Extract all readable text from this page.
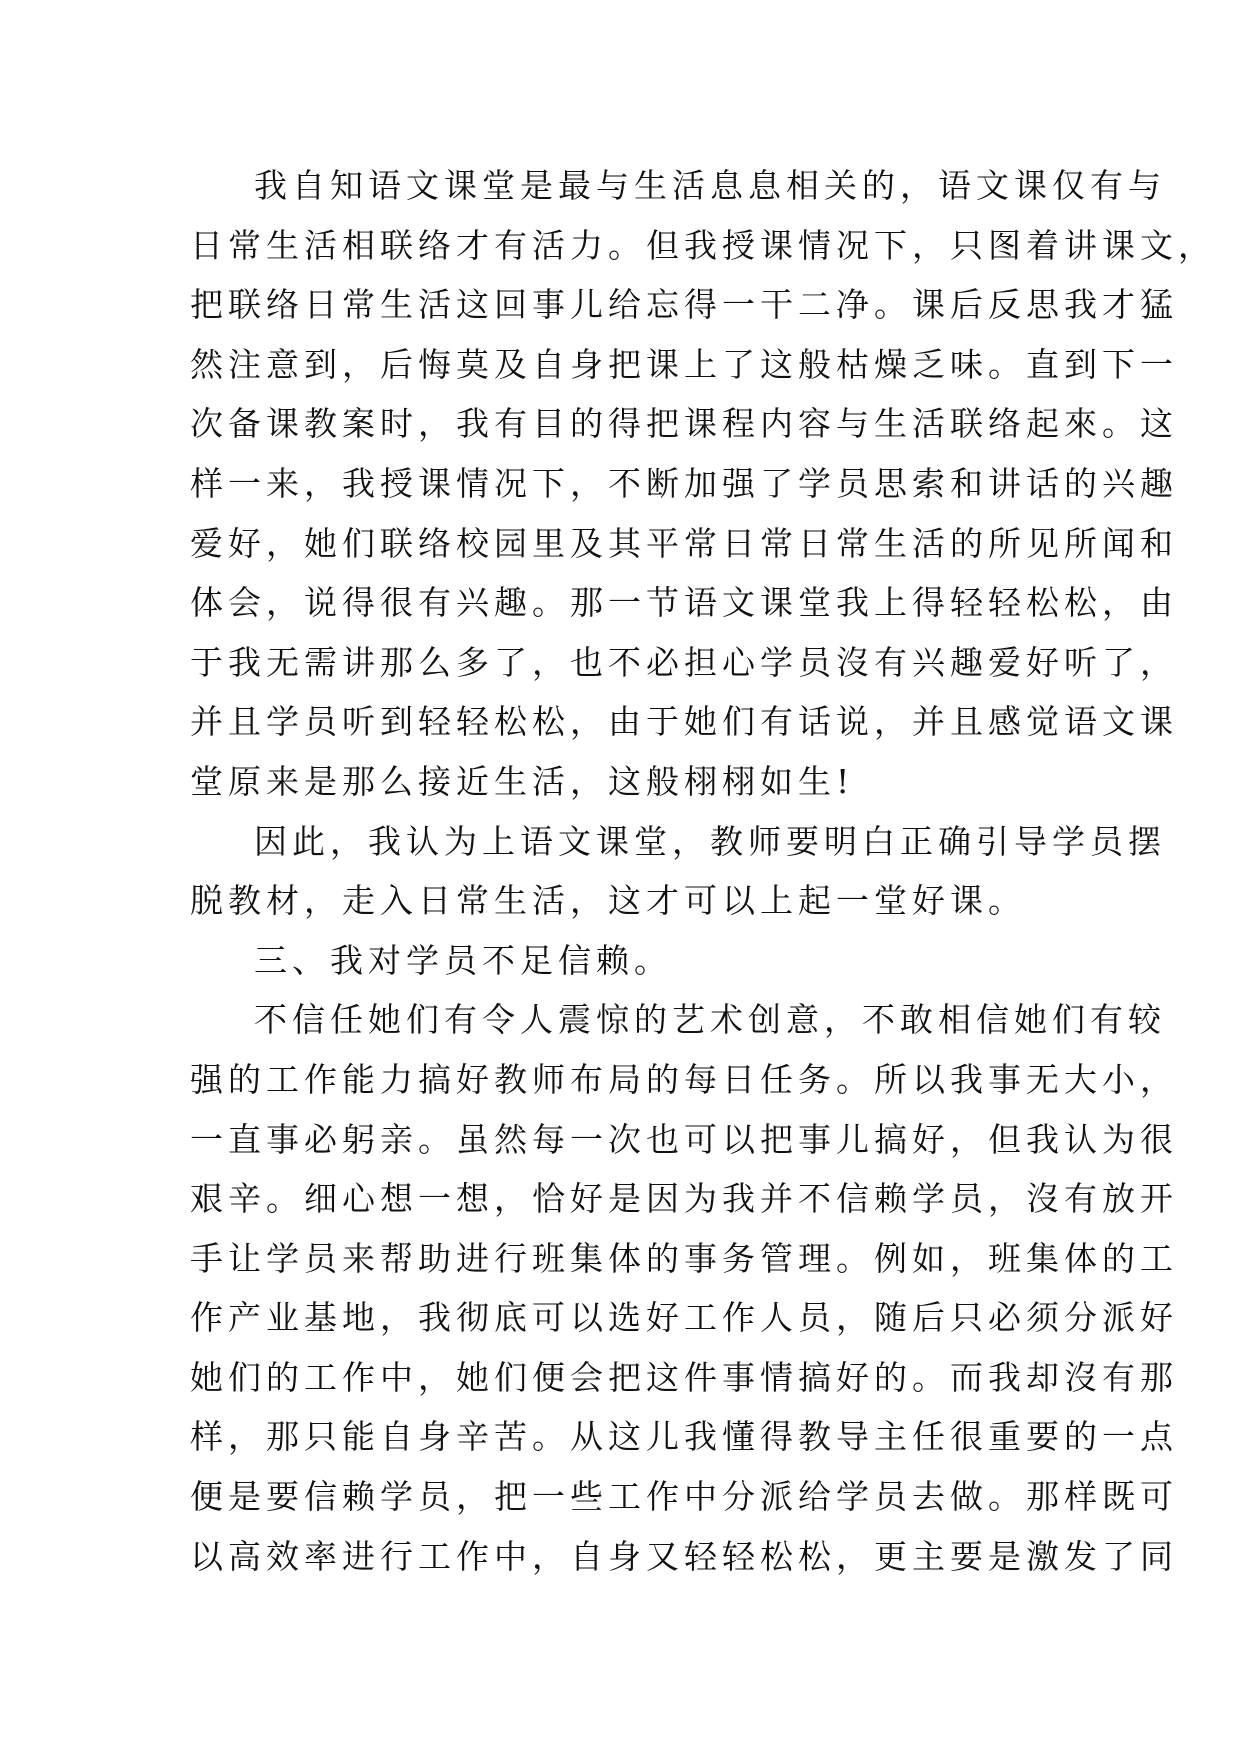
我自知语文课堂是最与生活息息相关的，语文课仅有与
日常生活相联络才有活力。但我授课情况下，只图着讲课文，
把联络日常生活这回事儿给忘得一干二净。课后反思我才猛
然注意到，后悔莫及自身把课上了这般枯燥乏味。直到下一
次备课教案时，我有目的得把课程内容与生活联络起來。这
样一来，我授课情况下，不断加强了学员思索和讲话的兴趣
爱好，她们联络校园里及其平常日常日常生活的所见所闻和
体会，说得很有兴趣。那一节语文课堂我上得轻轻松松，由
于我无需讲那么多了，也不必担心学员沒有兴趣爱好听了，
并且学员听到轻轻松松，由于她们有话说，并且感觉语文课
堂原来是那么接近生活，这般栩栩如生!
因此，我认为上语文课堂，教师要明白正确引导学员摆
脱教材，走入日常生活，这才可以上起一堂好课。
三、我对学员不足信赖。
不信任她们有令人震惊的艺术创意，不敢相信她们有较
强的工作能力搞好教师布局的每日任务。所以我事无大小，
一直事必躬亲。虽然每一次也可以把事儿搞好，但我认为很
艰辛。细心想一想，恰好是因为我并不信赖学员，沒有放开
手让学员来帮助进行班集体的事务管理。例如，班集体的工
作产业基地，我彻底可以选好工作人员，随后只必须分派好
她们的工作中，她们便会把这件事情搞好的。而我却沒有那
样，那只能自身辛苦。从这儿我懂得教导主任很重要的一点
便是要信赖学员，把一些工作中分派给学员去做。那样既可
以高效率进行工作中，自身又轻轻松松，更主要是激发了同
